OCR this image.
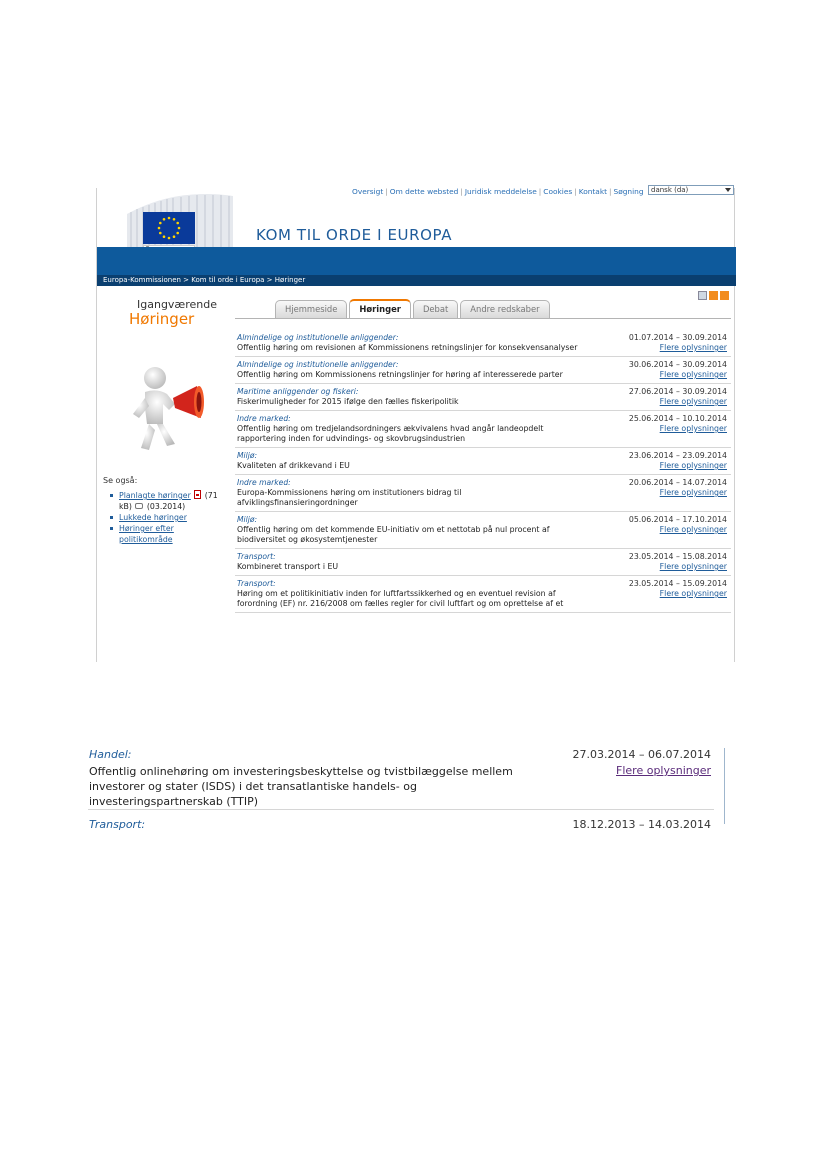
Oversigt | Om dette websted | Juridisk meddelelse | Cookies | Kontakt | Søgning	dansk (da)
KOM TIL ORDE I EUROPA
Europa-Kommissionen > Kom til orde i Europa > Høringer
Igangværende
Høringer
Se også:
Planlagte høringer (71 kB) (03.2014)
Lukkede høringer
Høringer efter politikområde
Hjemmeside	Høringer	Debat	Andre redskaber
Almindelige og institutionelle anliggender:
Offentlig høring om revisionen af Kommissionens retningslinjer for konsekvensanalyser
01.07.2014 – 30.09.2014
Flere oplysninger
Almindelige og institutionelle anliggender:
Offentlig høring om Kommissionens retningslinjer for høring af interesserede parter
30.06.2014 – 30.09.2014
Flere oplysninger
Maritime anliggender og fiskeri:
Fiskerimuligheder for 2015 ifølge den fælles fiskeripolitik
27.06.2014 – 30.09.2014
Flere oplysninger
Indre marked:
Offentlig høring om tredjelandsordningers ækvivalens hvad angår landeopdelt rapportering inden for udvindings- og skovbrugsindustrien
25.06.2014 – 10.10.2014
Flere oplysninger
Miljø:
Kvaliteten af drikkevand i EU
23.06.2014 – 23.09.2014
Flere oplysninger
Indre marked:
Europa-Kommissionens høring om institutioners bidrag til afviklingsfinansieringordninger
20.06.2014 – 14.07.2014
Flere oplysninger
Miljø:
Offentlig høring om det kommende EU-initiativ om et nettotab på nul procent af biodiversitet og økosystemtjenester
05.06.2014 – 17.10.2014
Flere oplysninger
Transport:
Kombineret transport i EU
23.05.2014 – 15.08.2014
Flere oplysninger
Transport:
Høring om et politikinitiativ inden for luftfartssikkerhed og en eventuel revision af forordning (EF) nr. 216/2008 om fælles regler for civil luftfart og om oprettelse af et
23.05.2014 – 15.09.2014
Flere oplysninger
Handel:
Offentlig onlinehøring om investeringsbeskyttelse og tvistbilæggelse mellem investorer og stater (ISDS) i det transatlantiske handels- og investeringspartnerskab (TTIP)
27.03.2014 – 06.07.2014
Flere oplysninger
Transport:	18.12.2013 – 14.03.2014
